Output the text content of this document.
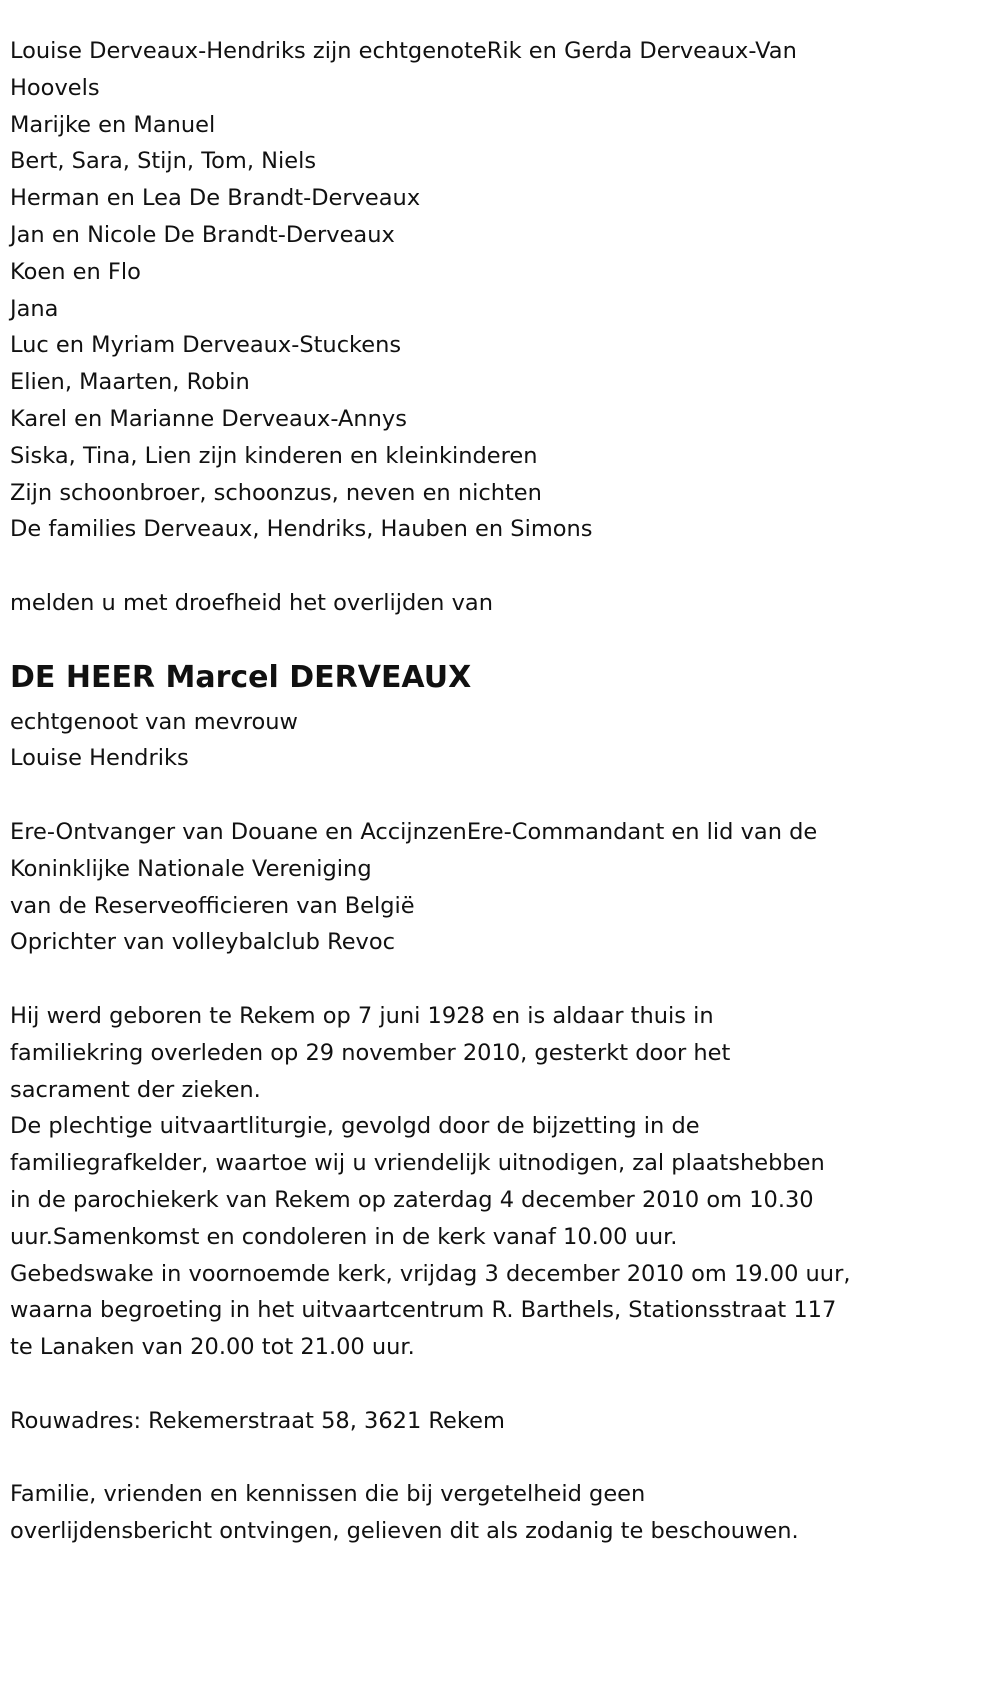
Louise Derveaux-Hendriks zijn echtgenoteRik en Gerda Derveaux-Van
Hoovels
Marijke en Manuel
Bert, Sara, Stijn, Tom, Niels
Herman en Lea De Brandt-Derveaux
Jan en Nicole De Brandt-Derveaux
Koen en Flo
Jana
Luc en Myriam Derveaux-Stuckens
Elien, Maarten, Robin
Karel en Marianne Derveaux-Annys
Siska, Tina, Lien zijn kinderen en kleinkinderen
Zijn schoonbroer, schoonzus, neven en nichten
De families Derveaux, Hendriks, Hauben en Simons
melden u met droefheid het overlijden van
DE HEER Marcel DERVEAUX
echtgenoot van mevrouw
Louise Hendriks
Ere-Ontvanger van Douane en AccijnzenEre-Commandant en lid van de
Koninklijke Nationale Vereniging
van de Reserveofficieren van België
Oprichter van volleybalclub Revoc
Hij werd geboren te Rekem op 7 juni 1928 en is aldaar thuis in
familiekring overleden op 29 november 2010, gesterkt door het
sacrament der zieken.
De plechtige uitvaartliturgie, gevolgd door de bijzetting in de
familiegrafkelder, waartoe wij u vriendelijk uitnodigen, zal plaatshebben
in de parochiekerk van Rekem op zaterdag 4 december 2010 om 10.30
uur.Samenkomst en condoleren in de kerk vanaf 10.00 uur.
Gebedswake in voornoemde kerk, vrijdag 3 december 2010 om 19.00 uur,
waarna begroeting in het uitvaartcentrum R. Barthels, Stationsstraat 117
te Lanaken van 20.00 tot 21.00 uur.
Rouwadres: Rekemerstraat 58, 3621 Rekem
Familie, vrienden en kennissen die bij vergetelheid geen
overlijdensbericht ontvingen, gelieven dit als zodanig te beschouwen.
